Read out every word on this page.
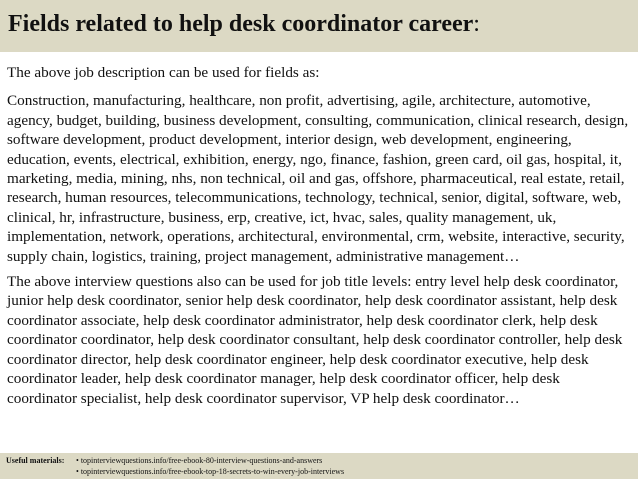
Fields related to help desk coordinator career:

The above job description can be used for fields as:

Construction, manufacturing, healthcare, non profit, advertising, agile, architecture, automotive, agency, budget, building, business development, consulting, communication, clinical research, design, software development, product development, interior design, web development, engineering, education, events, electrical, exhibition, energy, ngo, finance, fashion, green card, oil gas, hospital, it, marketing, media, mining, nhs, non technical, oil and gas, offshore, pharmaceutical, real estate, retail, research, human resources, telecommunications, technology, technical, senior, digital, software, web, clinical, hr, infrastructure, business, erp, creative, ict, hvac, sales, quality management, uk, implementation, network, operations, architectural, environmental, crm, website, interactive, security, supply chain, logistics, training, project management, administrative management…

The above interview questions also can be used for job title levels: entry level help desk coordinator, junior help desk coordinator, senior help desk coordinator, help desk coordinator assistant, help desk coordinator associate, help desk coordinator administrator, help desk coordinator clerk, help desk coordinator coordinator, help desk coordinator consultant, help desk coordinator controller, help desk coordinator director, help desk coordinator engineer, help desk coordinator executive, help desk coordinator leader, help desk coordinator manager, help desk coordinator officer, help desk coordinator specialist, help desk coordinator supervisor, VP help desk coordinator…

Useful materials: • topinterviewquestions.info/free-ebook-80-interview-questions-and-answers
• topinterviewquestions.info/free-ebook-top-18-secrets-to-win-every-job-interviews
